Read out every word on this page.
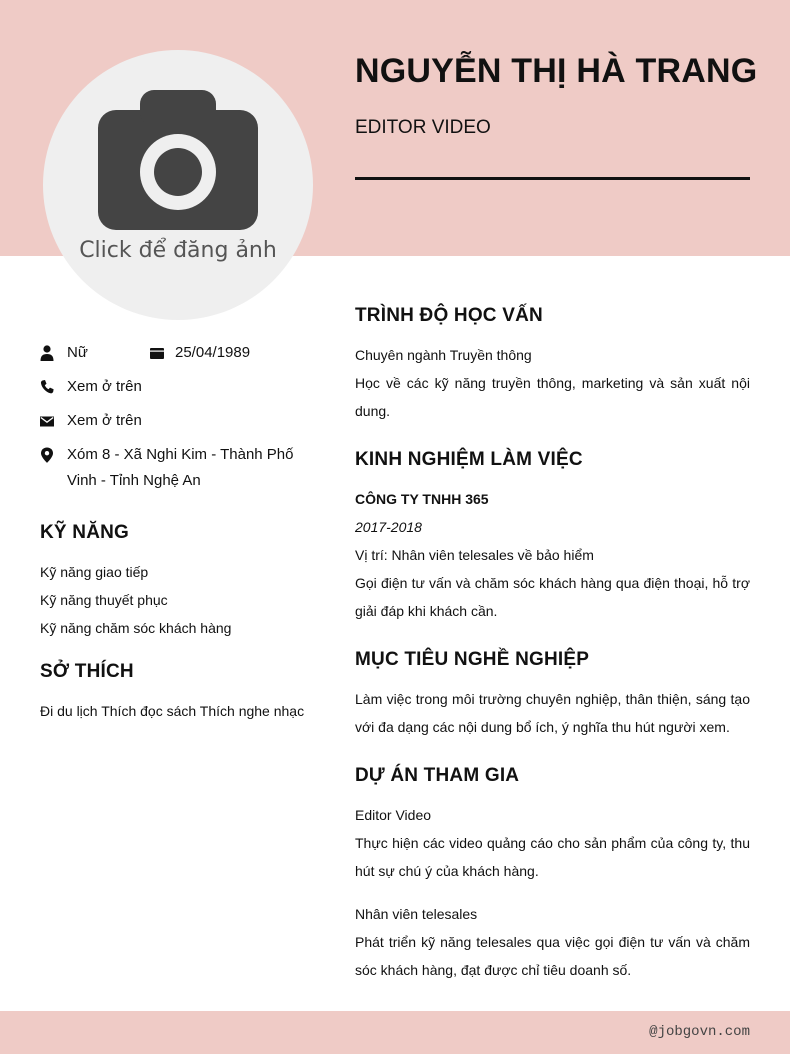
Click để đăng ảnh
NGUYỄN THỊ HÀ TRANG
EDITOR VIDEO
Nữ	25/04/1989
Xem ở trên
Xem ở trên
Xóm 8 - Xã Nghi Kim - Thành Phố
Vinh - Tỉnh Nghệ An
KỸ NĂNG
Kỹ năng giao tiếp
Kỹ năng thuyết phục
Kỹ năng chăm sóc khách hàng
SỞ THÍCH
Đi du lịch Thích đọc sách Thích nghe nhạc
TRÌNH ĐỘ HỌC VẤN
Chuyên ngành Truyền thông
Học về các kỹ năng truyền thông, marketing và sản xuất nội dung.
KINH NGHIỆM LÀM VIỆC
CÔNG TY TNHH 365
2017-2018
Vị trí: Nhân viên telesales về bảo hiểm
Gọi điện tư vấn và chăm sóc khách hàng qua điện thoại, hỗ trợ giải đáp khi khách cần.
MỤC TIÊU NGHỀ NGHIỆP
Làm việc trong môi trường chuyên nghiệp, thân thiện, sáng tạo với đa dạng các nội dung bổ ích, ý nghĩa thu hút người xem.
DỰ ÁN THAM GIA
Editor Video
Thực hiện các video quảng cáo cho sản phẩm của công ty, thu hút sự chú ý của khách hàng.
Nhân viên telesales
Phát triển kỹ năng telesales qua việc gọi điện tư vấn và chăm sóc khách hàng, đạt được chỉ tiêu doanh số.
@jobgovn.com
